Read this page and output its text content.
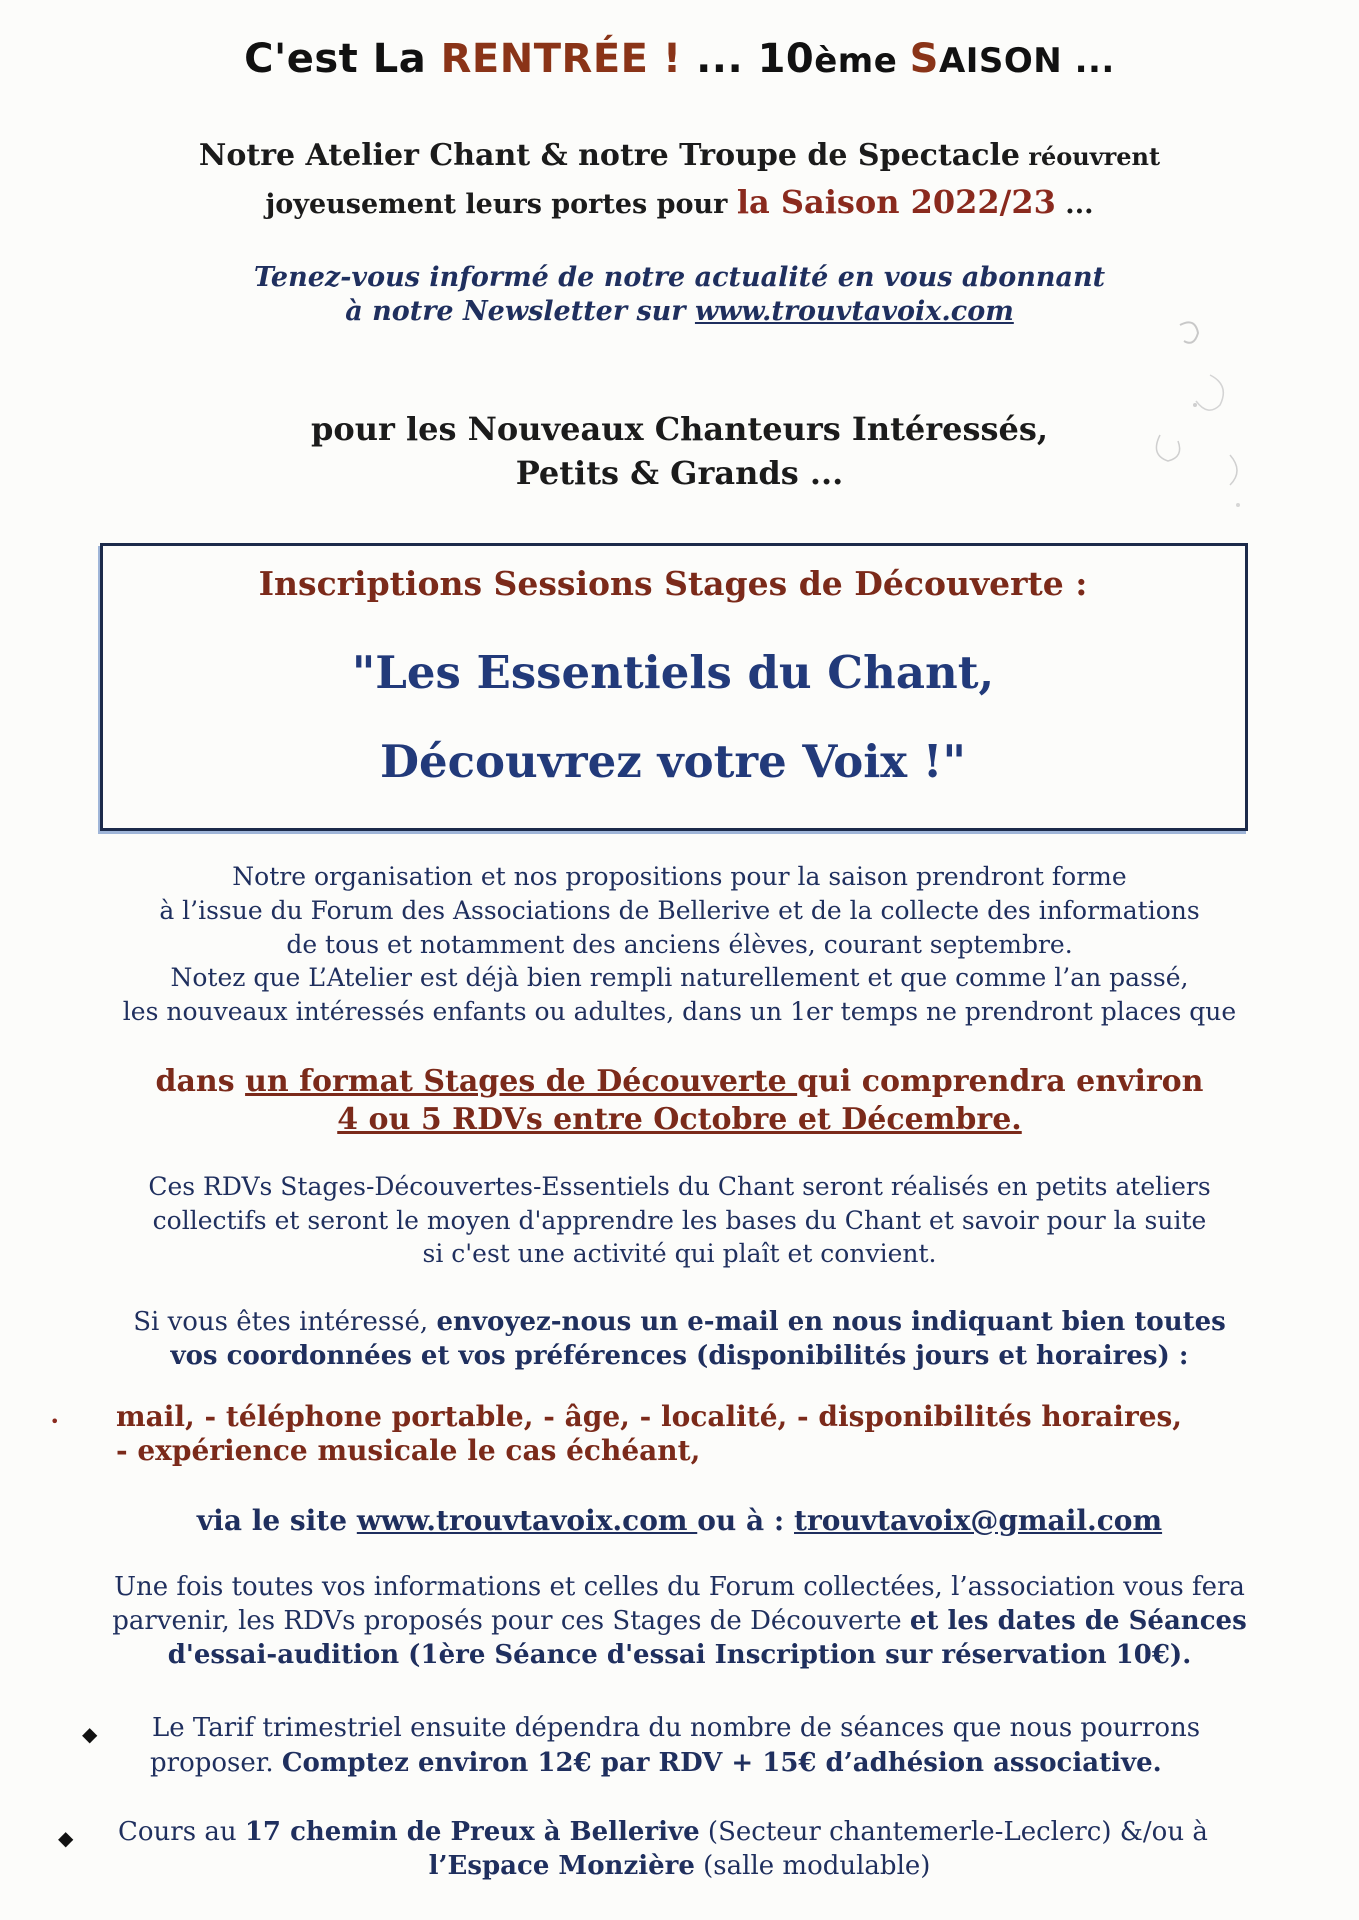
C'est La RENTRÉE ! ... 10ème SAISON ...
Notre Atelier Chant & notre Troupe de Spectacle réouvrent
joyeusement leurs portes pour la Saison 2022/23 ...
Tenez-vous informé de notre actualité en vous abonnant
à notre Newsletter sur www.trouvtavoix.com
pour les Nouveaux Chanteurs Intéressés,
Petits & Grands ...
Inscriptions Sessions Stages de Découverte :
"Les Essentiels du Chant,
Découvrez votre Voix !"
Notre organisation et nos propositions pour la saison prendront forme
à l’issue du Forum des Associations de Bellerive et de la collecte des informations
de tous et notamment des anciens élèves, courant septembre.
Notez que L’Atelier est déjà bien rempli naturellement et que comme l’an passé,
les nouveaux intéressés enfants ou adultes, dans un 1er temps ne prendront places que
dans un format Stages de Découverte qui comprendra environ
4 ou 5 RDVs entre Octobre et Décembre.
Ces RDVs Stages-Découvertes-Essentiels du Chant seront réalisés en petits ateliers
collectifs et seront le moyen d'apprendre les bases du Chant et savoir pour la suite
si c'est une activité qui plaît et convient.
Si vous êtes intéressé, envoyez-nous un e-mail en nous indiquant bien toutes
vos coordonnées et vos préférences (disponibilités jours et horaires) :
• mail, - téléphone portable, - âge, - localité, - disponibilités horaires,
- expérience musicale le cas échéant,
via le site www.trouvtavoix.com ou à : trouvtavoix@gmail.com
Une fois toutes vos informations et celles du Forum collectées, l’association vous fera
parvenir, les RDVs proposés pour ces Stages de Découverte et les dates de Séances
d'essai-audition (1ère Séance d'essai Inscription sur réservation 10€).
◆ Le Tarif trimestriel ensuite dépendra du nombre de séances que nous pourrons
proposer. Comptez environ 12€ par RDV + 15€ d’adhésion associative.
◆ Cours au 17 chemin de Preux à Bellerive (Secteur chantemerle-Leclerc) &/ou à
l’Espace Monzière (salle modulable)
